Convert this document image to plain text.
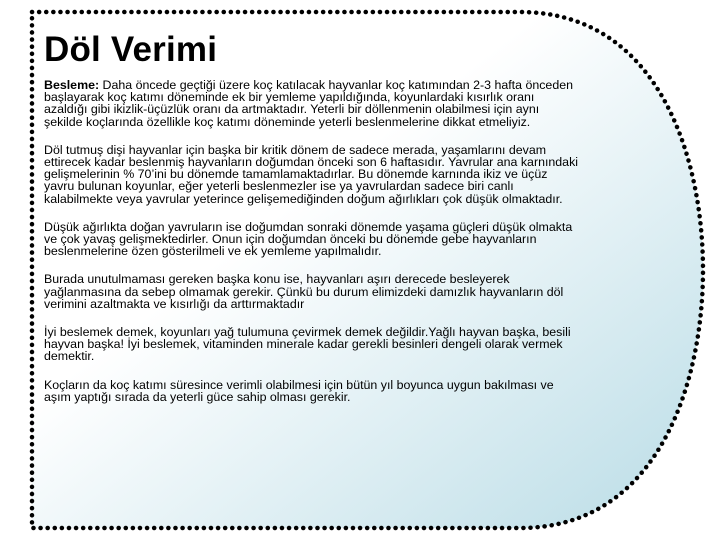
Döl Verimi

Besleme: Daha öncede geçtiği üzere koç katılacak hayvanlar koç katımından 2-3 hafta önceden başlayarak koç katımı döneminde ek bir yemleme yapıldığında, koyunlardaki kısırlık oranı azaldığı gibi ikizlik-üçüzlük oranı da artmaktadır. Yeterli bir döllenmenin olabilmesi için aynı şekilde koçlarında özellikle koç katımı döneminde yeterli beslenmelerine dikkat etmeliyiz.

Döl tutmuş dişi hayvanlar için başka bir kritik dönem de sadece merada, yaşamlarını devam ettirecek kadar beslenmiş hayvanların doğumdan önceki son 6 haftasıdır. Yavrular ana karnındaki gelişmelerinin % 70’ini bu dönemde tamamlamaktadırlar. Bu dönemde karnında ikiz ve üçüz yavru bulunan koyunlar, eğer yeterli beslenmezler ise ya yavrulardan sadece biri canlı kalabilmekte veya yavrular yeterince gelişemediğinden doğum ağırlıkları çok düşük olmaktadır.

Düşük ağırlıkta doğan yavruların ise doğumdan sonraki dönemde yaşama güçleri düşük olmakta ve çok yavaş gelişmektedirler. Onun için doğumdan önceki bu dönemde gebe hayvanların beslenmelerine özen gösterilmeli ve ek yemleme yapılmalıdır.

Burada unutulmaması gereken başka konu ise, hayvanları aşırı derecede besleyerek yağlanmasına da sebep olmamak gerekir. Çünkü bu durum elimizdeki damızlık hayvanların döl verimini azaltmakta ve kısırlığı da arttırmaktadır

İyi beslemek demek, koyunları yağ tulumuna çevirmek demek değildir.Yağlı hayvan başka, besili hayvan başka! İyi beslemek, vitaminden minerale kadar gerekli besinleri dengeli olarak vermek demektir.

Koçların da koç katımı süresince verimli olabilmesi için bütün yıl boyunca uygun bakılması ve aşım yaptığı sırada da yeterli güce sahip olması gerekir.
